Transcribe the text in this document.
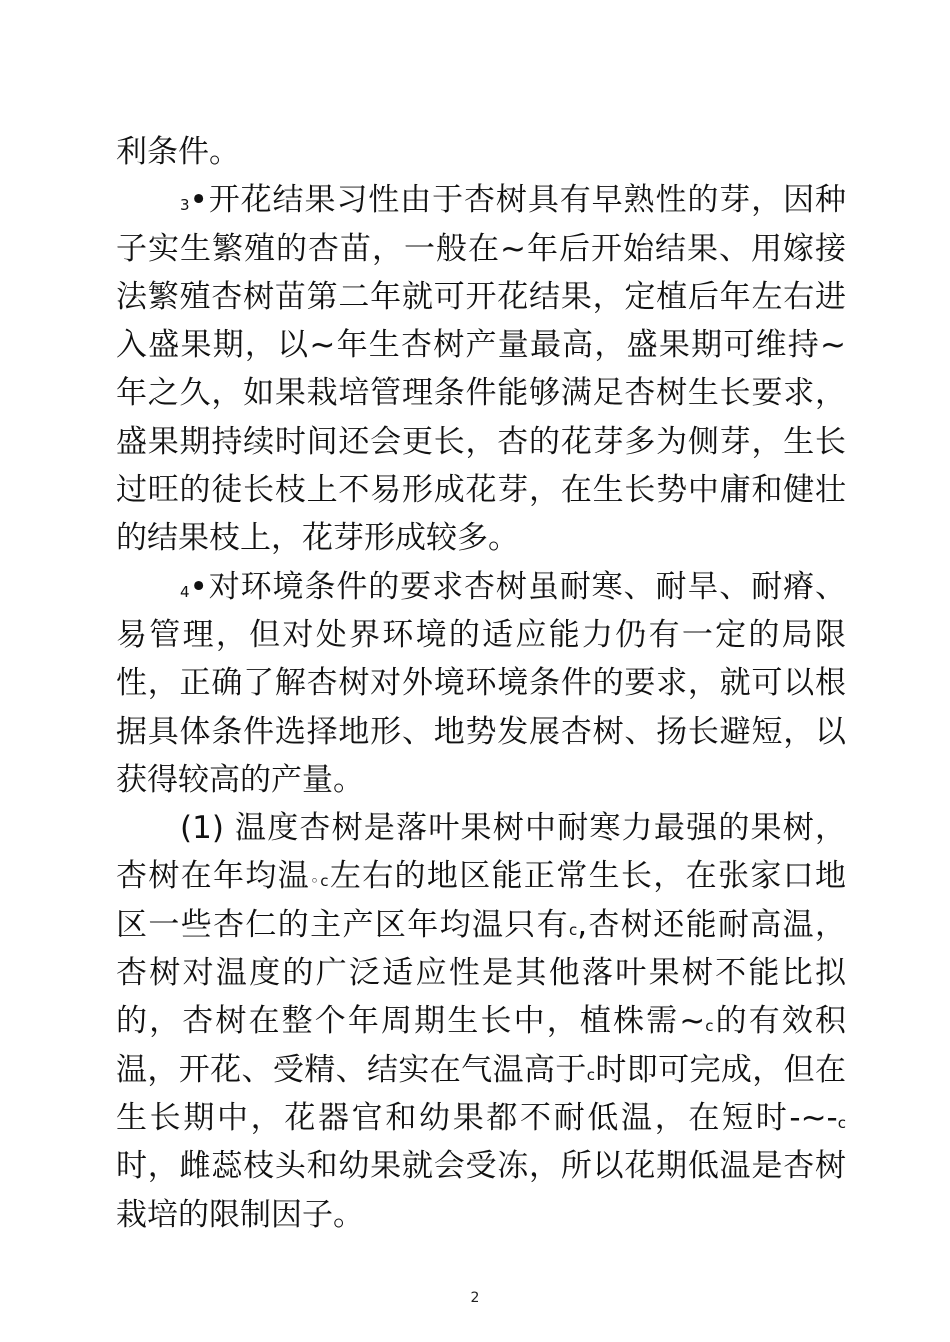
利条件。

3•开花结果习性由于杏树具有早熟性的芽，因种子实生繁殖的杏苗，一般在~年后开始结果、用嫁接法繁殖杏树苗第二年就可开花结果，定植后年左右进入盛果期，以~年生杏树产量最高，盛果期可维持~年之久，如果栽培管理条件能够满足杏树生长要求，盛果期持续时间还会更长，杏的花芽多为侧芽，生长过旺的徒长枝上不易形成花芽，在生长势中庸和健壮的结果枝上，花芽形成较多。

4•对环境条件的要求杏树虽耐寒、耐旱、耐瘠、易管理，但对处界环境的适应能力仍有一定的局限性，正确了解杏树对外境环境条件的要求，就可以根据具体条件选择地形、地势发展杏树、扬长避短，以获得较高的产量。

(1) 温度杏树是落叶果树中耐寒力最强的果树，杏树在年均温◦c左右的地区能正常生长，在张家口地区一些杏仁的主产区年均温只有c,杏树还能耐高温，杏树对温度的广泛适应性是其他落叶果树不能比拟的，杏树在整个年周期生长中，植株需~c的有效积温，开花、受精、结实在气温高于c时即可完成，但在生长期中，花器官和幼果都不耐低温，在短时-~-c时，雌蕊枝头和幼果就会受冻，所以花期低温是杏树栽培的限制因子。

2
